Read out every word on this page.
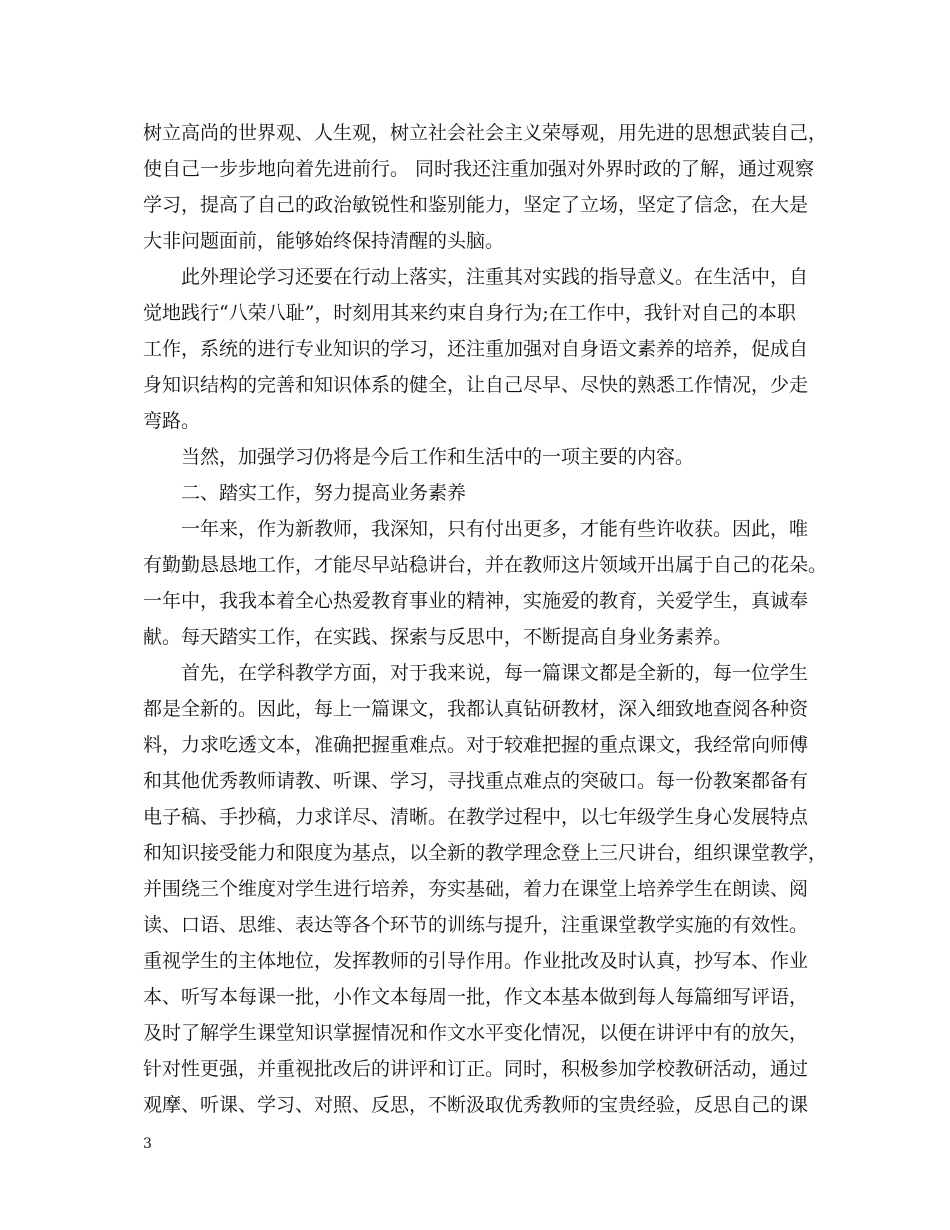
树立高尚的世界观、人生观，树立社会社会主义荣辱观，用先进的思想武装自己，
使自己一步步地向着先进前行。 同时我还注重加强对外界时政的了解，通过观察
学习，提高了自己的政治敏锐性和鉴别能力，坚定了立场，坚定了信念，在大是
大非问题面前，能够始终保持清醒的头脑。
此外理论学习还要在行动上落实，注重其对实践的指导意义。在生活中，自
觉地践行“八荣八耻”，时刻用其来约束自身行为;在工作中，我针对自己的本职
工作，系统的进行专业知识的学习，还注重加强对自身语文素养的培养，促成自
身知识结构的完善和知识体系的健全，让自己尽早、尽快的熟悉工作情况，少走
弯路。
当然，加强学习仍将是今后工作和生活中的一项主要的内容。
二、踏实工作，努力提高业务素养
一年来，作为新教师，我深知，只有付出更多，才能有些许收获。因此，唯
有勤勤恳恳地工作，才能尽早站稳讲台，并在教师这片领域开出属于自己的花朵。
一年中，我我本着全心热爱教育事业的精神，实施爱的教育，关爱学生，真诚奉
献。每天踏实工作，在实践、探索与反思中，不断提高自身业务素养。
首先，在学科教学方面，对于我来说，每一篇课文都是全新的，每一位学生
都是全新的。因此，每上一篇课文，我都认真钻研教材，深入细致地查阅各种资
料，力求吃透文本，准确把握重难点。对于较难把握的重点课文，我经常向师傅
和其他优秀教师请教、听课、学习，寻找重点难点的突破口。每一份教案都备有
电子稿、手抄稿，力求详尽、清晰。在教学过程中，以七年级学生身心发展特点
和知识接受能力和限度为基点，以全新的教学理念登上三尺讲台，组织课堂教学，
并围绕三个维度对学生进行培养，夯实基础，着力在课堂上培养学生在朗读、阅
读、口语、思维、表达等各个环节的训练与提升，注重课堂教学实施的有效性。
重视学生的主体地位，发挥教师的引导作用。作业批改及时认真，抄写本、作业
本、听写本每课一批，小作文本每周一批，作文本基本做到每人每篇细写评语，
及时了解学生课堂知识掌握情况和作文水平变化情况，以便在讲评中有的放矢，
针对性更强，并重视批改后的讲评和订正。同时，积极参加学校教研活动，通过
观摩、听课、学习、对照、反思，不断汲取优秀教师的宝贵经验，反思自己的课
3
